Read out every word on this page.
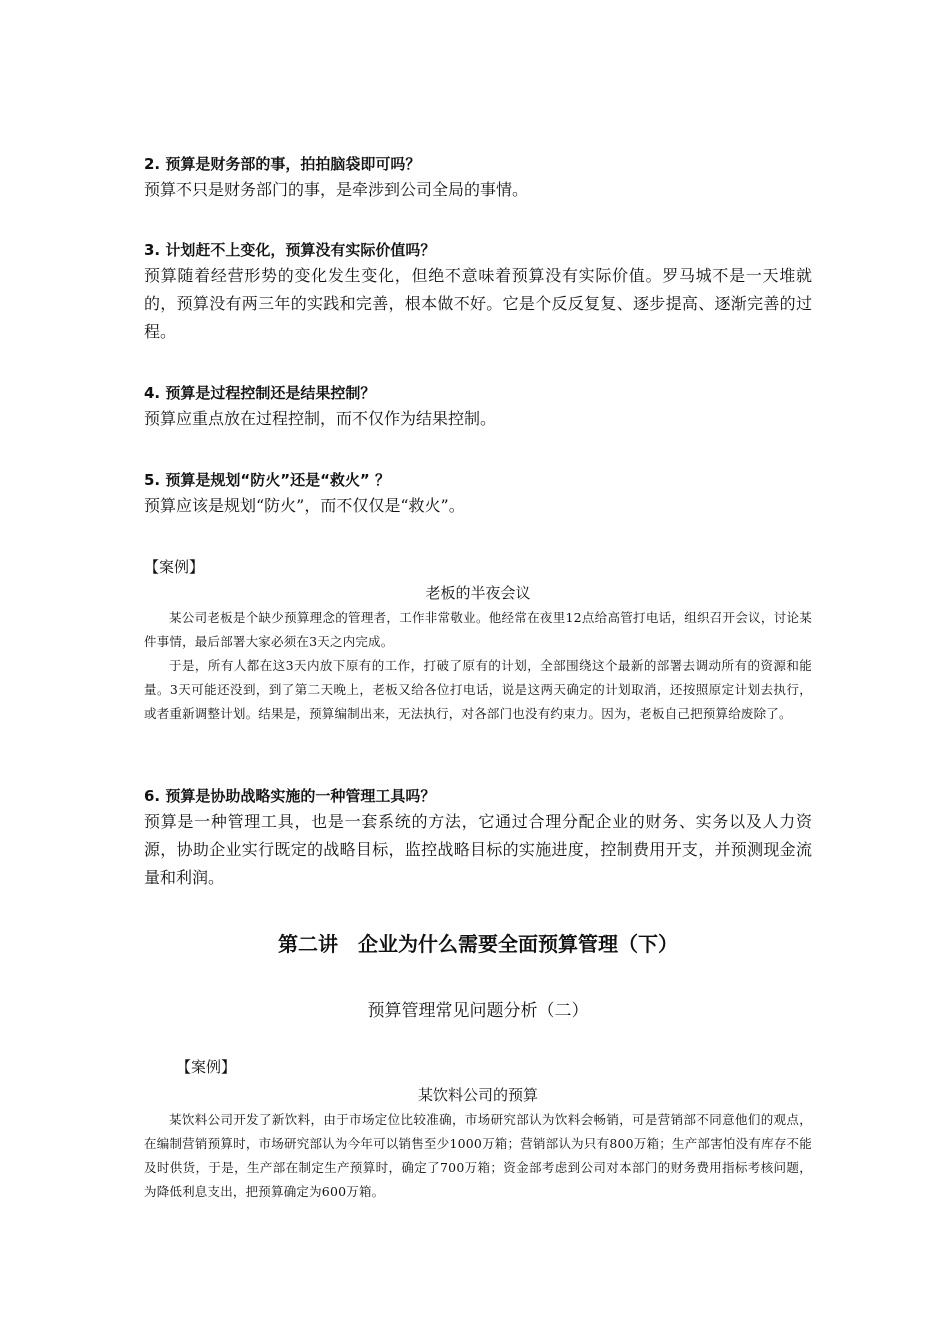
2. 预算是财务部的事，拍拍脑袋即可吗？

预算不只是财务部门的事，是牵涉到公司全局的事情。

3. 计划赶不上变化，预算没有实际价值吗？

预算随着经营形势的变化发生变化，但绝不意味着预算没有实际价值。罗马城不是一天堆就的，预算没有两三年的实践和完善，根本做不好。它是个反反复复、逐步提高、逐渐完善的过程。

4. 预算是过程控制还是结果控制？

预算应重点放在过程控制，而不仅作为结果控制。

5. 预算是规划“防火”还是“救火” ？

预算应该是规划“防火”，而不仅仅是“救火”。

【案例】

老板的半夜会议

某公司老板是个缺少预算理念的管理者，工作非常敬业。他经常在夜里12点给高管打电话，组织召开会议，讨论某件事情，最后部署大家必须在3天之内完成。

于是，所有人都在这3天内放下原有的工作，打破了原有的计划，全部围绕这个最新的部署去调动所有的资源和能量。3天可能还没到，到了第二天晚上，老板又给各位打电话，说是这两天确定的计划取消，还按照原定计划去执行，或者重新调整计划。结果是，预算编制出来，无法执行，对各部门也没有约束力。因为，老板自己把预算给废除了。

6. 预算是协助战略实施的一种管理工具吗？

预算是一种管理工具，也是一套系统的方法，它通过合理分配企业的财务、实务以及人力资源，协助企业实行既定的战略目标，监控战略目标的实施进度，控制费用开支，并预测现金流量和利润。

第二讲　企业为什么需要全面预算管理（下）

预算管理常见问题分析（二）

【案例】

某饮料公司的预算

某饮料公司开发了新饮料，由于市场定位比较准确，市场研究部认为饮料会畅销，可是营销部不同意他们的观点，在编制营销预算时，市场研究部认为今年可以销售至少1000万箱；营销部认为只有800万箱；生产部害怕没有库存不能及时供货，于是，生产部在制定生产预算时，确定了700万箱；资金部考虑到公司对本部门的财务费用指标考核问题，为降低利息支出，把预算确定为600万箱。
